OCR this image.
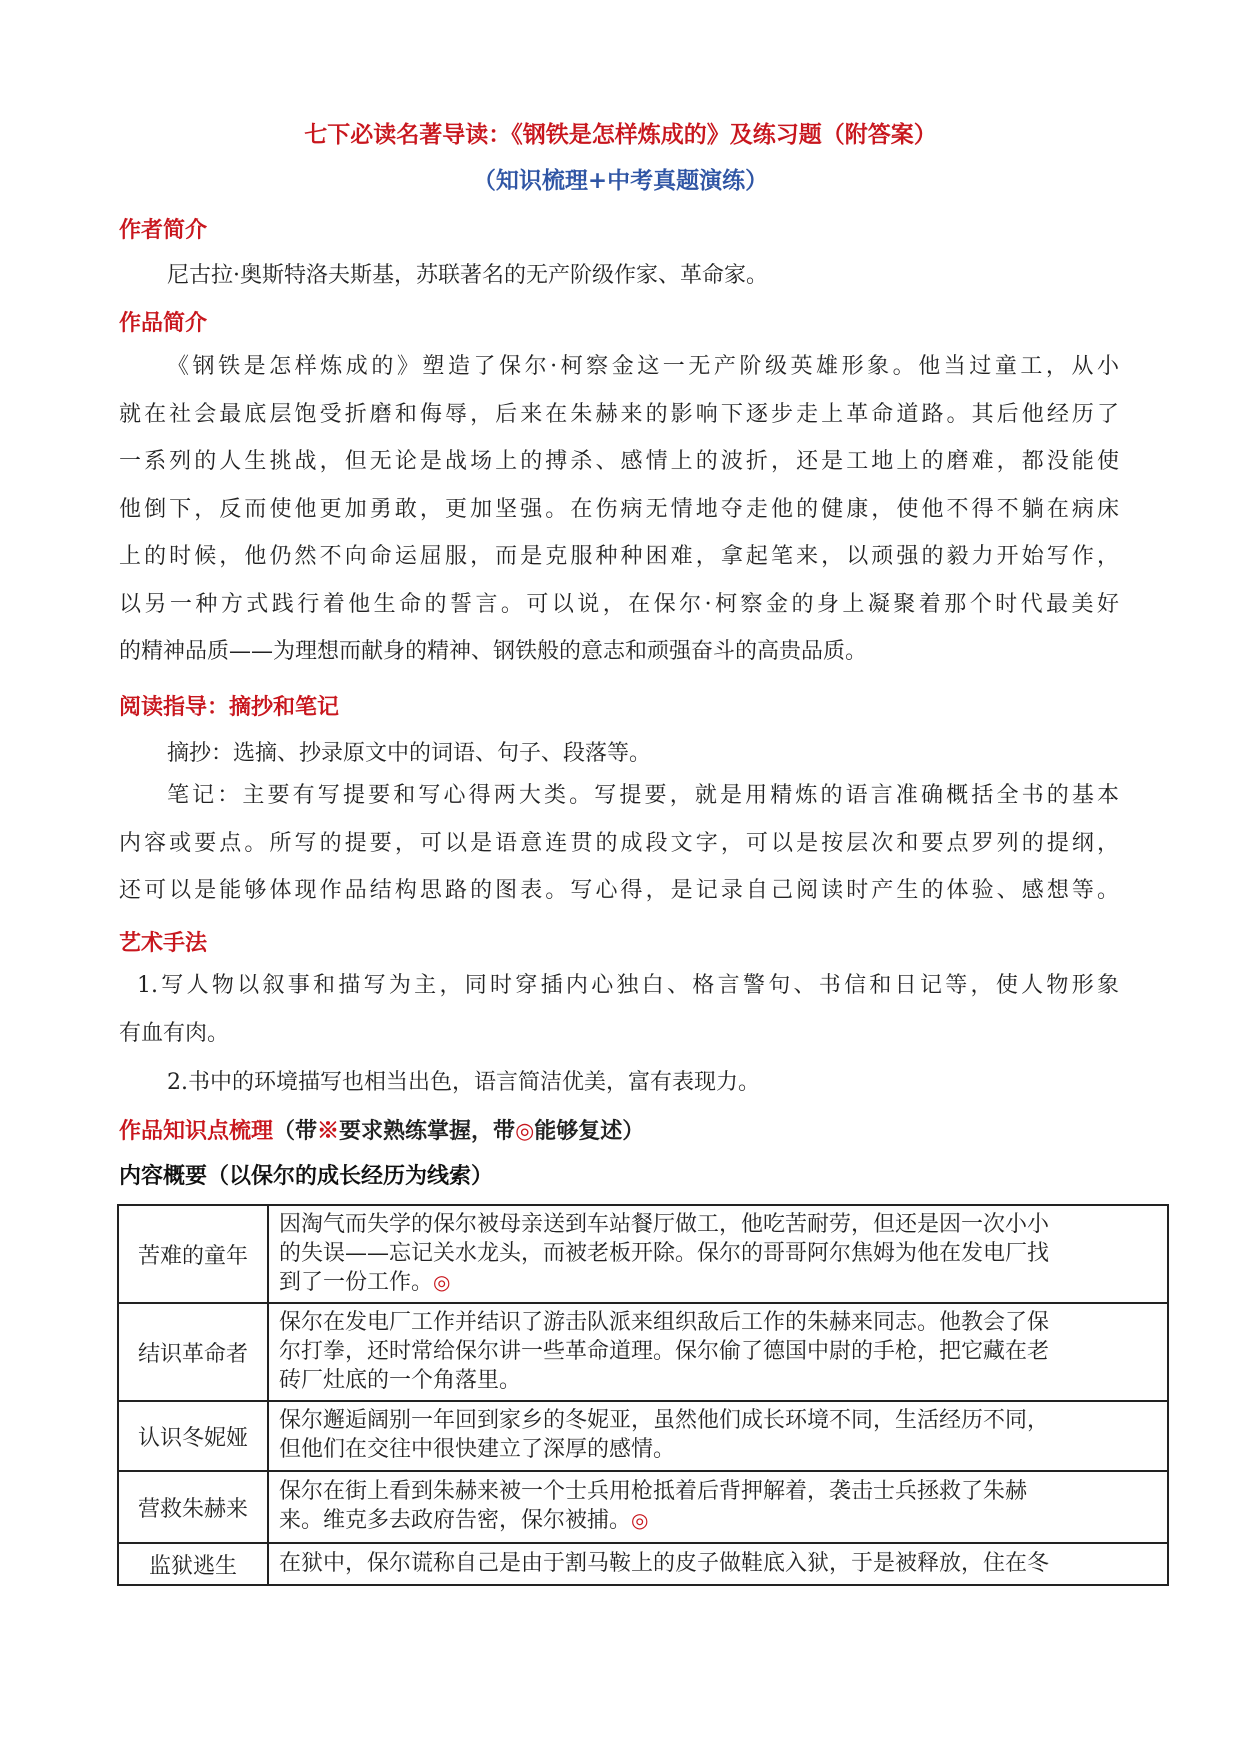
七下必读名著导读：《钢铁是怎样炼成的》及练习题（附答案）
（知识梳理+中考真题演练）
作者简介
尼古拉·奥斯特洛夫斯基，苏联著名的无产阶级作家、革命家。
作品简介
《钢铁是怎样炼成的》塑造了保尔·柯察金这一无产阶级英雄形象。他当过童工，从小
就在社会最底层饱受折磨和侮辱，后来在朱赫来的影响下逐步走上革命道路。其后他经历了
一系列的人生挑战，但无论是战场上的搏杀、感情上的波折，还是工地上的磨难，都没能使
他倒下，反而使他更加勇敢，更加坚强。在伤病无情地夺走他的健康，使他不得不躺在病床
上的时候，他仍然不向命运屈服，而是克服种种困难，拿起笔来，以顽强的毅力开始写作，
以另一种方式践行着他生命的誓言。可以说，在保尔·柯察金的身上凝聚着那个时代最美好
的精神品质——为理想而献身的精神、钢铁般的意志和顽强奋斗的高贵品质。
阅读指导：摘抄和笔记
摘抄：选摘、抄录原文中的词语、句子、段落等。
笔记：主要有写提要和写心得两大类。写提要，就是用精炼的语言准确概括全书的基本
内容或要点。所写的提要，可以是语意连贯的成段文字，可以是按层次和要点罗列的提纲，
还可以是能够体现作品结构思路的图表。写心得，是记录自己阅读时产生的体验、感想等。
艺术手法
1.写人物以叙事和描写为主，同时穿插内心独白、格言警句、书信和日记等，使人物形象
有血有肉。
2.书中的环境描写也相当出色，语言简洁优美，富有表现力。
作品知识点梳理（带※要求熟练掌握，带◎能够复述）
内容概要（以保尔的成长经历为线索）
苦难的童年	因淘气而失学的保尔被母亲送到车站餐厅做工，他吃苦耐劳，但还是因一次小小
的失误——忘记关水龙头，而被老板开除。保尔的哥哥阿尔焦姆为他在发电厂找
到了一份工作。◎

结识革命者	保尔在发电厂工作并结识了游击队派来组织敌后工作的朱赫来同志。他教会了保
尔打拳，还时常给保尔讲一些革命道理。保尔偷了德国中尉的手枪，把它藏在老
砖厂灶底的一个角落里。

认识冬妮娅	保尔邂逅阔别一年回到家乡的冬妮亚，虽然他们成长环境不同，生活经历不同，
但他们在交往中很快建立了深厚的感情。

营救朱赫来	保尔在街上看到朱赫来被一个士兵用枪抵着后背押解着，袭击士兵拯救了朱赫
来。维克多去政府告密，保尔被捕。◎

监狱逃生	在狱中，保尔谎称自己是由于割马鞍上的皮子做鞋底入狱，于是被释放，住在冬
